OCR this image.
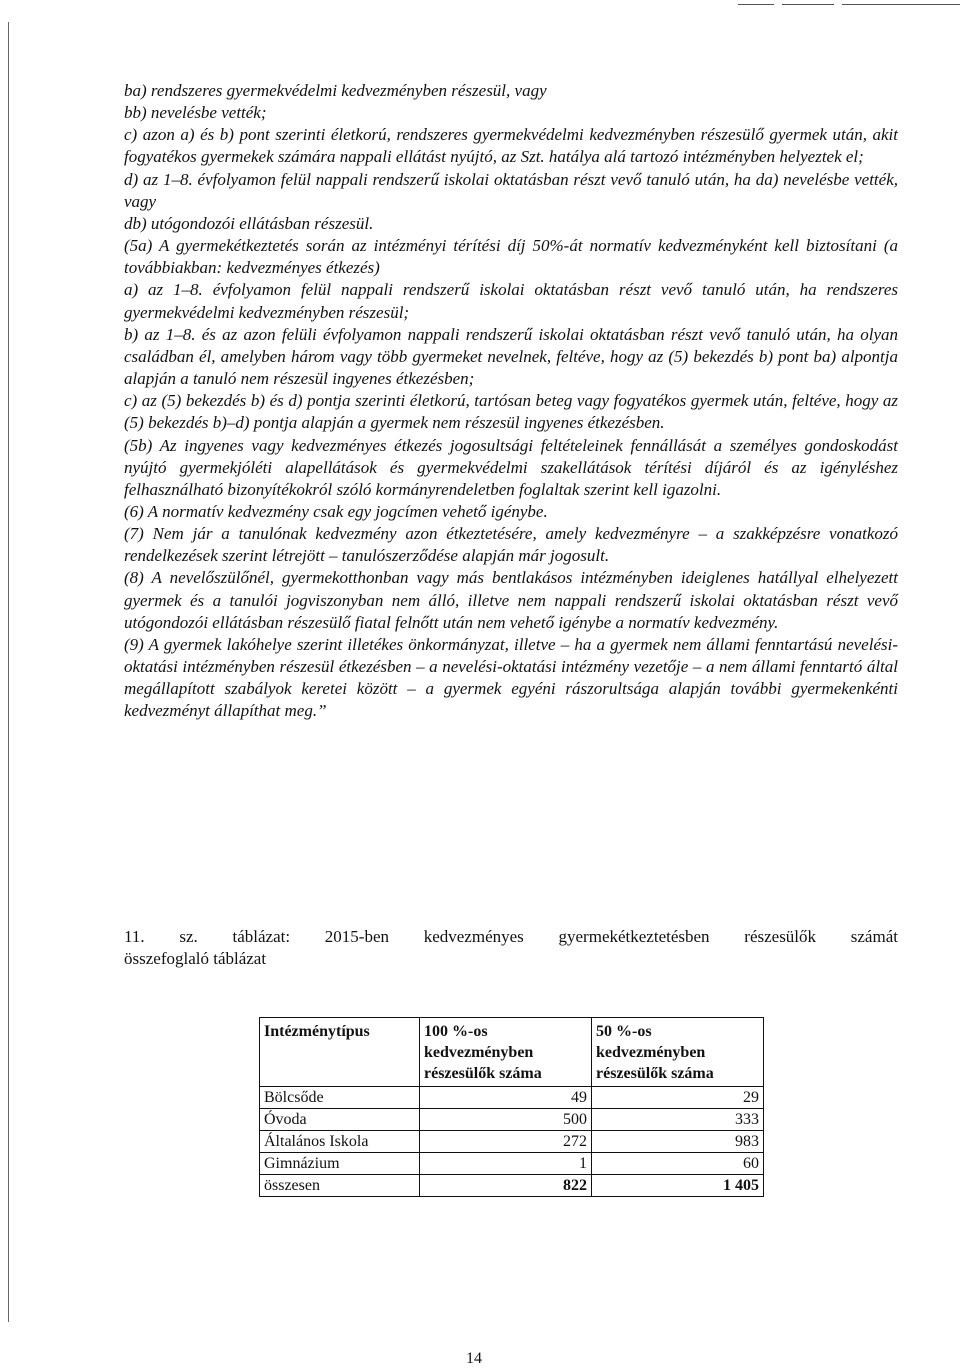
ba) rendszeres gyermekvédelmi kedvezményben részesül, vagy

bb) nevelésbe vették;

c) azon a) és b) pont szerinti életkorú, rendszeres gyermekvédelmi kedvezményben részesülő gyermek után, akit fogyatékos gyermekek számára nappali ellátást nyújtó, az Szt. hatálya alá tartozó intézményben helyeztek el;

d) az 1–8. évfolyamon felül nappali rendszerű iskolai oktatásban részt vevő tanuló után, ha da) nevelésbe vették, vagy

db) utógondozói ellátásban részesül.

(5a) A gyermekétkeztetés során az intézményi térítési díj 50%-át normatív kedvezményként kell biztosítani (a továbbiakban: kedvezményes étkezés)

a) az 1–8. évfolyamon felül nappali rendszerű iskolai oktatásban részt vevő tanuló után, ha rendszeres gyermekvédelmi kedvezményben részesül;

b) az 1–8. és az azon felüli évfolyamon nappali rendszerű iskolai oktatásban részt vevő tanuló után, ha olyan családban él, amelyben három vagy több gyermeket nevelnek, feltéve, hogy az (5) bekezdés b) pont ba) alpontja alapján a tanuló nem részesül ingyenes étkezésben;

c) az (5) bekezdés b) és d) pontja szerinti életkorú, tartósan beteg vagy fogyatékos gyermek után, feltéve, hogy az (5) bekezdés b)–d) pontja alapján a gyermek nem részesül ingyenes étkezésben.

(5b) Az ingyenes vagy kedvezményes étkezés jogosultsági feltételeinek fennállását a személyes gondoskodást nyújtó gyermekjóléti alapellátások és gyermekvédelmi szakellátások térítési díjáról és az igényléshez felhasználható bizonyítékokról szóló kormányrendeletben foglaltak szerint kell igazolni.

(6) A normatív kedvezmény csak egy jogcímen vehető igénybe.

(7) Nem jár a tanulónak kedvezmény azon étkeztetésére, amely kedvezményre – a szakképzésre vonatkozó rendelkezések szerint létrejött – tanulószerződése alapján már jogosult.

(8) A nevelőszülőnél, gyermekotthonban vagy más bentlakásos intézményben ideiglenes hatállyal elhelyezett gyermek és a tanulói jogviszonyban nem álló, illetve nem nappali rendszerű iskolai oktatásban részt vevő utógondozói ellátásban részesülő fiatal felnőtt után nem vehető igénybe a normatív kedvezmény.

(9) A gyermek lakóhelye szerint illetékes önkormányzat, illetve – ha a gyermek nem állami fenntartású nevelési-oktatási intézményben részesül étkezésben – a nevelési-oktatási intézmény vezetője – a nem állami fenntartó által megállapított szabályok keretei között – a gyermek egyéni rászorultsága alapján további gyermekenkénti kedvezményt állapíthat meg.”

11. sz. táblázat: 2015-ben kedvezményes gyermekétkeztetésben részesülők számát

összefoglaló táblázat

Intézménytípus	100 %-os kedvezményben részesülők száma	50 %-os kedvezményben részesülők száma
Bölcsőde	49	29
Óvoda	500	333
Általános Iskola	272	983
Gimnázium	1	60
összesen	822	1 405
14
